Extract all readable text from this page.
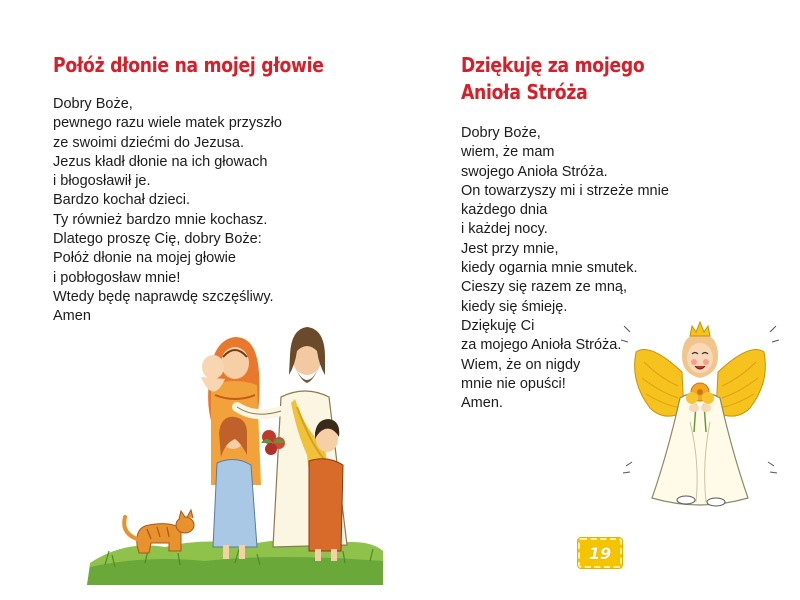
Połóż dłonie na mojej głowie
Dobry Boże,
pewnego razu wiele matek przyszło
ze swoimi dziećmi do Jezusa.
Jezus kładł dłonie na ich głowach
i błogosławił je.
Bardzo kochał dzieci.
Ty również bardzo mnie kochasz.
Dlatego proszę Cię, dobry Boże:
Połóż dłonie na mojej głowie
i pobłogosław mnie!
Wtedy będę naprawdę szczęśliwy.
Amen
Dziękuję za mojego
Anioła Stróża
Dobry Boże,
wiem, że mam
swojego Anioła Stróża.
On towarzyszy mi i strzeże mnie
każdego dnia
i każdej nocy.
Jest przy mnie,
kiedy ogarnia mnie smutek.
Cieszy się razem ze mną,
kiedy się śmieję.
Dziękuję Ci
za mojego Anioła Stróża.
Wiem, że on nigdy
mnie nie opuści!
Amen.
19
